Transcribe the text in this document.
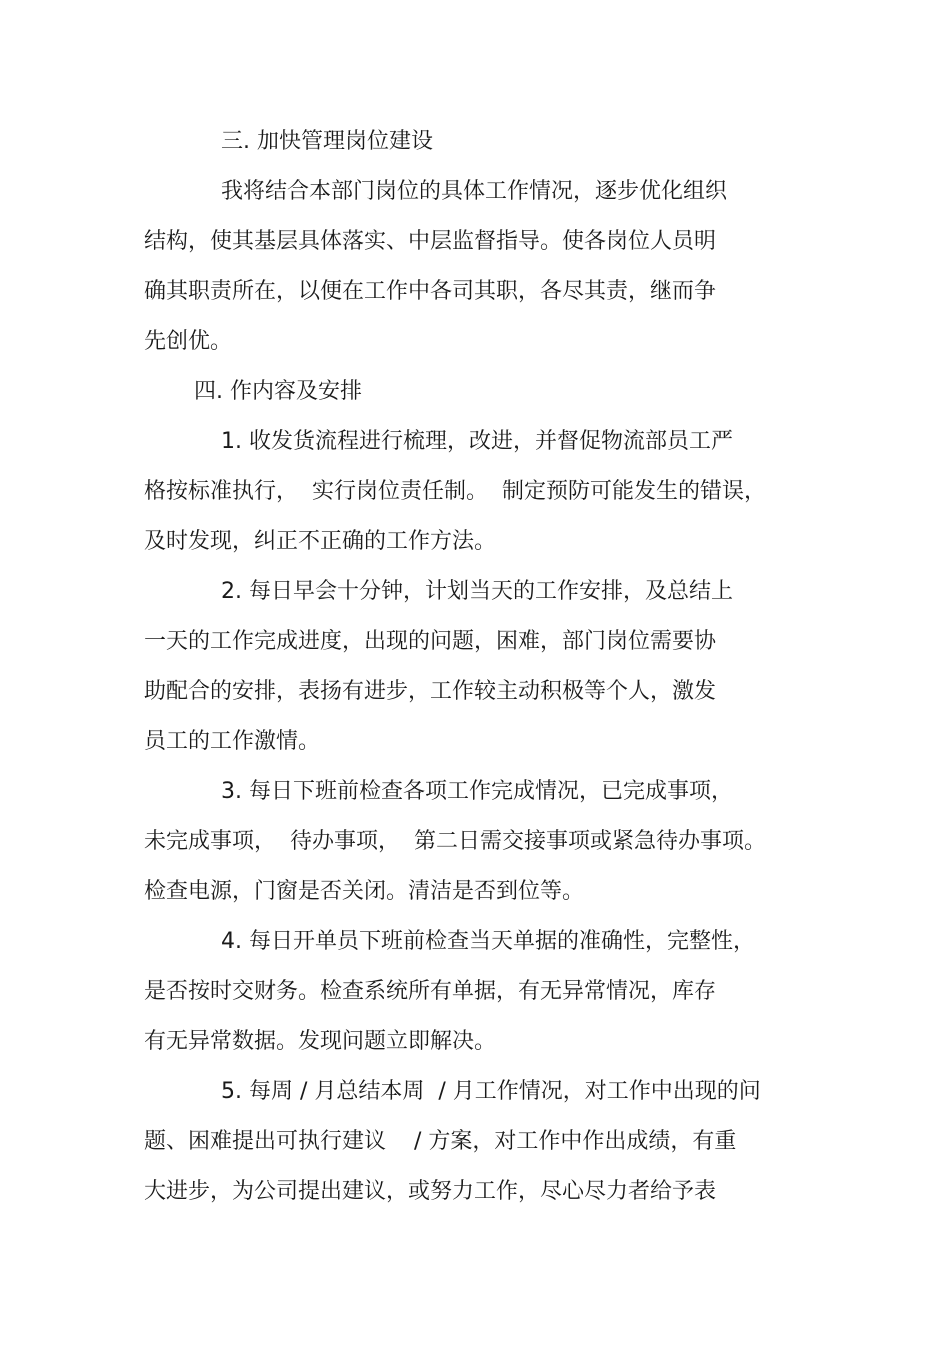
三. 加快管理岗位建设
我将结合本部门岗位的具体工作情况，逐步优化组织
结构，使其基层具体落实、中层监督指导。使各岗位人员明
确其职责所在，以便在工作中各司其职，各尽其责，继而争
先创优。
四. 作内容及安排
1. 收发货流程进行梳理，改进，并督促物流部员工严
格按标准执行，  实行岗位责任制。  制定预防可能发生的错误，
及时发现，纠正不正确的工作方法。
2. 每日早会十分钟，计划当天的工作安排，及总结上
一天的工作完成进度，出现的问题，困难，部门岗位需要协
助配合的安排，表扬有进步，工作较主动积极等个人，激发
员工的工作激情。
3. 每日下班前检查各项工作完成情况，已完成事项，
未完成事项，  待办事项，  第二日需交接事项或紧急待办事项。
检查电源，门窗是否关闭。清洁是否到位等。
4. 每日开单员下班前检查当天单据的准确性，完整性，
是否按时交财务。检查系统所有单据，有无异常情况，库存
有无异常数据。发现问题立即解决。
5. 每周 / 月总结本周  / 月工作情况，对工作中出现的问
题、困难提出可执行建议    / 方案，对工作中作出成绩，有重
大进步，为公司提出建议，或努力工作，尽心尽力者给予表
